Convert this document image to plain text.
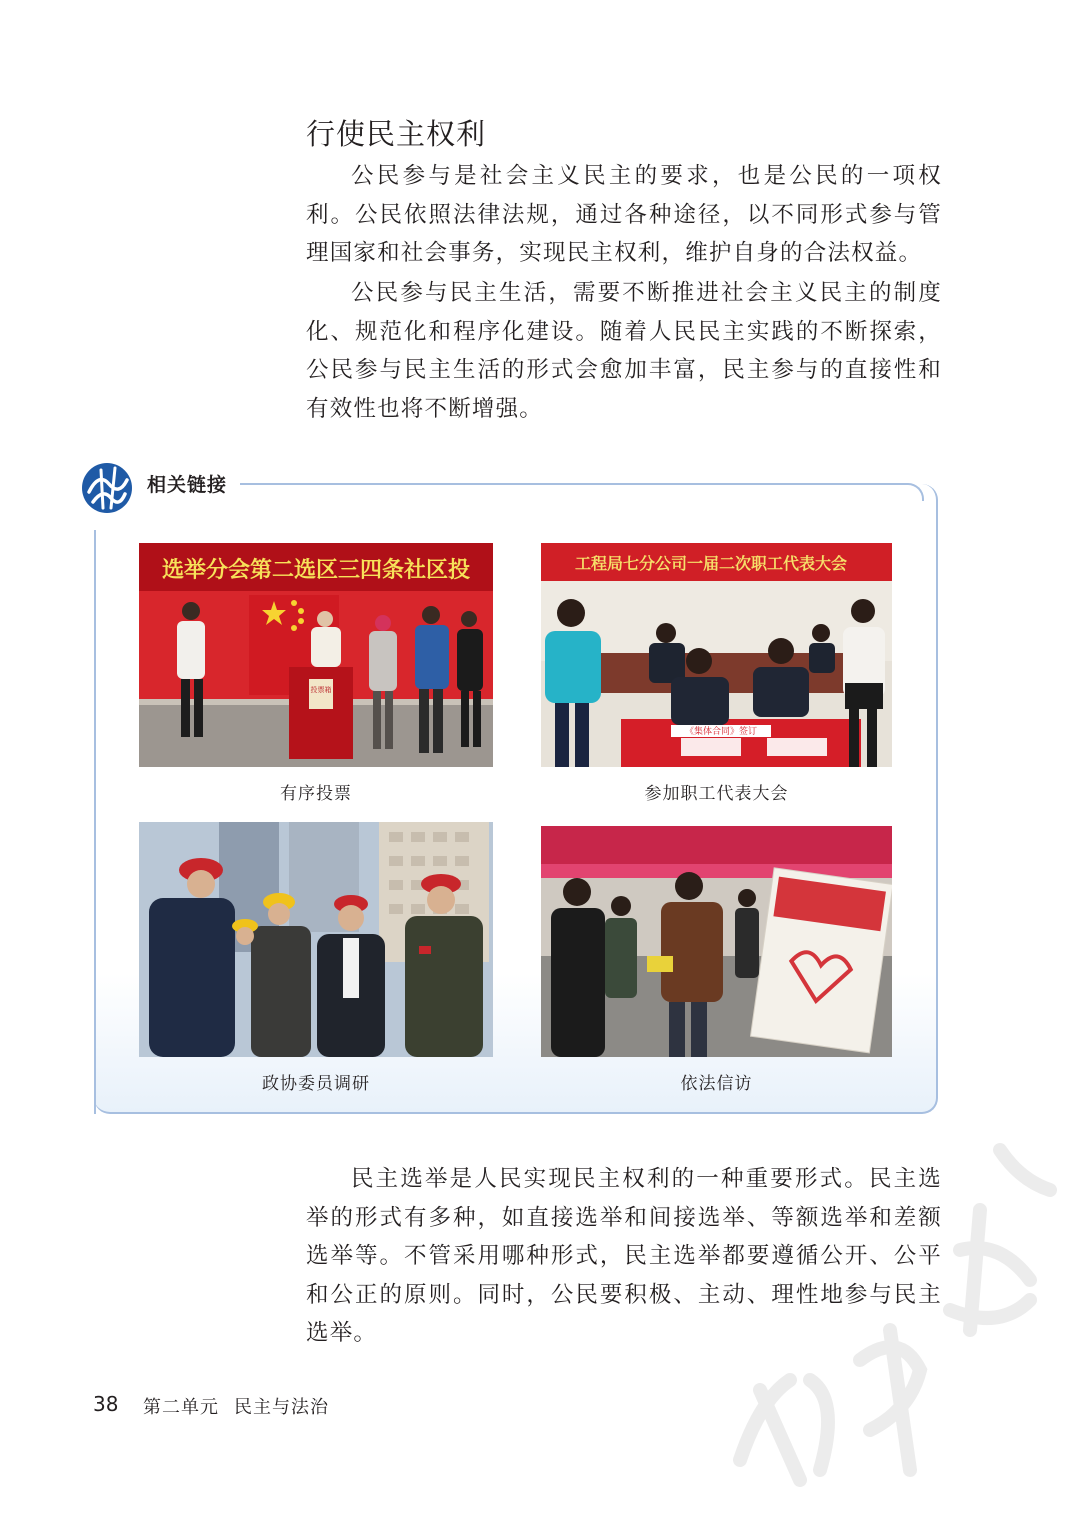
行使民主权利

公民参与是社会主义民主的要求，也是公民的一项权利。公民依照法律法规，通过各种途径，以不同形式参与管理国家和社会事务，实现民主权利，维护自身的合法权益。

公民参与民主生活，需要不断推进社会主义民主的制度化、规范化和程序化建设。随着人民民主实践的不断探索，公民参与民主生活的形式会愈加丰富，民主参与的直接性和有效性也将不断增强。

相关链接
选举分会第二选区三四条社区投
投票箱
工程局七分公司一届二次职工代表大会
《集体合同》签订
有序投票	参加职工代表大会
政协委员调研	依法信访

民主选举是人民实现民主权利的一种重要形式。民主选举的形式有多种，如直接选举和间接选举、等额选举和差额选举等。不管采用哪种形式，民主选举都要遵循公开、公平和公正的原则。同时，公民要积极、主动、理性地参与民主选举。

38 第二单元 民主与法治
